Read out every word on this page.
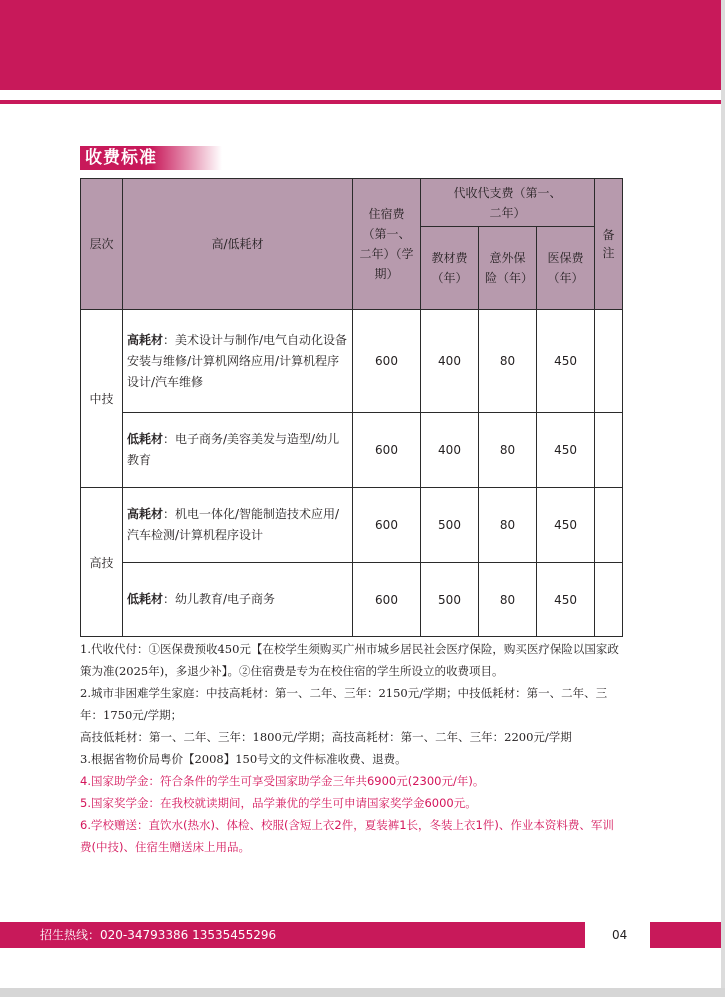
收费标准
层次	高/低耗材	住宿费（第一、二年）（学期）	代收代支费（第一、二年）			备注

			教材费（年）	意外保险（年）	医保费（年）	
中技	高耗材：美术设计与制作/电气自动化设备安装与维修/计算机网络应用/计算机程序设计/汽车维修	600	400	80	450	
	低耗材：电子商务/美容美发与造型/幼儿教育	600	400	80	450	
高技	高耗材：机电一体化/智能制造技术应用/汽车检测/计算机程序设计	600	500	80	450	
	低耗材：幼儿教育/电子商务	600	500	80	450	

1.代收代付：①医保费预收450元【在校学生须购买广州市城乡居民社会医疗保险，购买医疗保险以国家政策为准(2025年)，多退少补】。②住宿费是专为在校住宿的学生所设立的收费项目。

2.城市非困难学生家庭：中技高耗材：第一、二年、三年：2150元/学期；中技低耗材：第一、二年、三年：1750元/学期；

高技低耗材：第一、二年、三年：1800元/学期；高技高耗材：第一、二年、三年：2200元/学期

3.根据省物价局粤价【2008】150号文的文件标准收费、退费。

4.国家助学金：符合条件的学生可享受国家助学金三年共6900元(2300元/年)。

5.国家奖学金：在我校就读期间，品学兼优的学生可申请国家奖学金6000元。

6.学校赠送：直饮水(热水)、体检、校服(含短上衣2件，夏装裤1长，冬装上衣1件)、作业本资料费、军训费(中技)、住宿生赠送床上用品。

招生热线：020-34793386 13535455296	04
